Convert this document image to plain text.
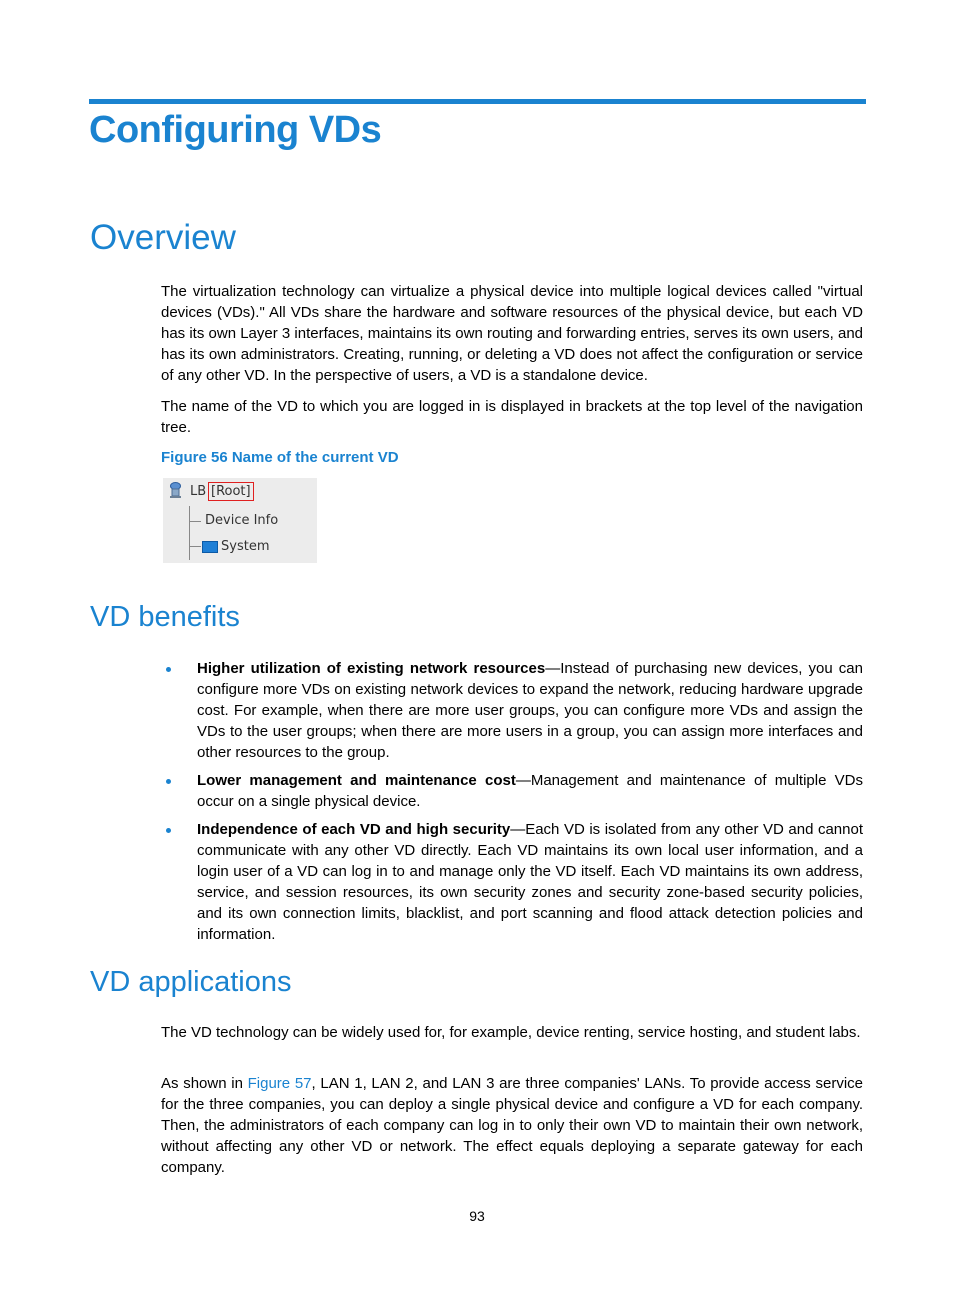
Configuring VDs
Overview

The virtualization technology can virtualize a physical device into multiple logical devices called "virtual devices (VDs)." All VDs share the hardware and software resources of the physical device, but each VD has its own Layer 3 interfaces, maintains its own routing and forwarding entries, serves its own users, and has its own administrators. Creating, running, or deleting a VD does not affect the configuration or service of any other VD. In the perspective of users, a VD is a standalone device.

The name of the VD to which you are logged in is displayed in brackets at the top level of the navigation tree.

Figure 56 Name of the current VD

LB [Root]
Device Info
System
VD benefits

Higher utilization of existing network resources—Instead of purchasing new devices, you can configure more VDs on existing network devices to expand the network, reducing hardware upgrade cost. For example, when there are more user groups, you can configure more VDs and assign the VDs to the user groups; when there are more users in a group, you can assign more interfaces and other resources to the group.

Lower management and maintenance cost—Management and maintenance of multiple VDs occur on a single physical device.

Independence of each VD and high security—Each VD is isolated from any other VD and cannot communicate with any other VD directly. Each VD maintains its own local user information, and a login user of a VD can log in to and manage only the VD itself. Each VD maintains its own address, service, and session resources, its own security zones and security zone-based security policies, and its own connection limits, blacklist, and port scanning and flood attack detection policies and information.

VD applications

The VD technology can be widely used for, for example, device renting, service hosting, and student labs.

As shown in Figure 57, LAN 1, LAN 2, and LAN 3 are three companies' LANs. To provide access service for the three companies, you can deploy a single physical device and configure a VD for each company. Then, the administrators of each company can log in to only their own VD to maintain their own network, without affecting any other VD or network. The effect equals deploying a separate gateway for each company.

93
